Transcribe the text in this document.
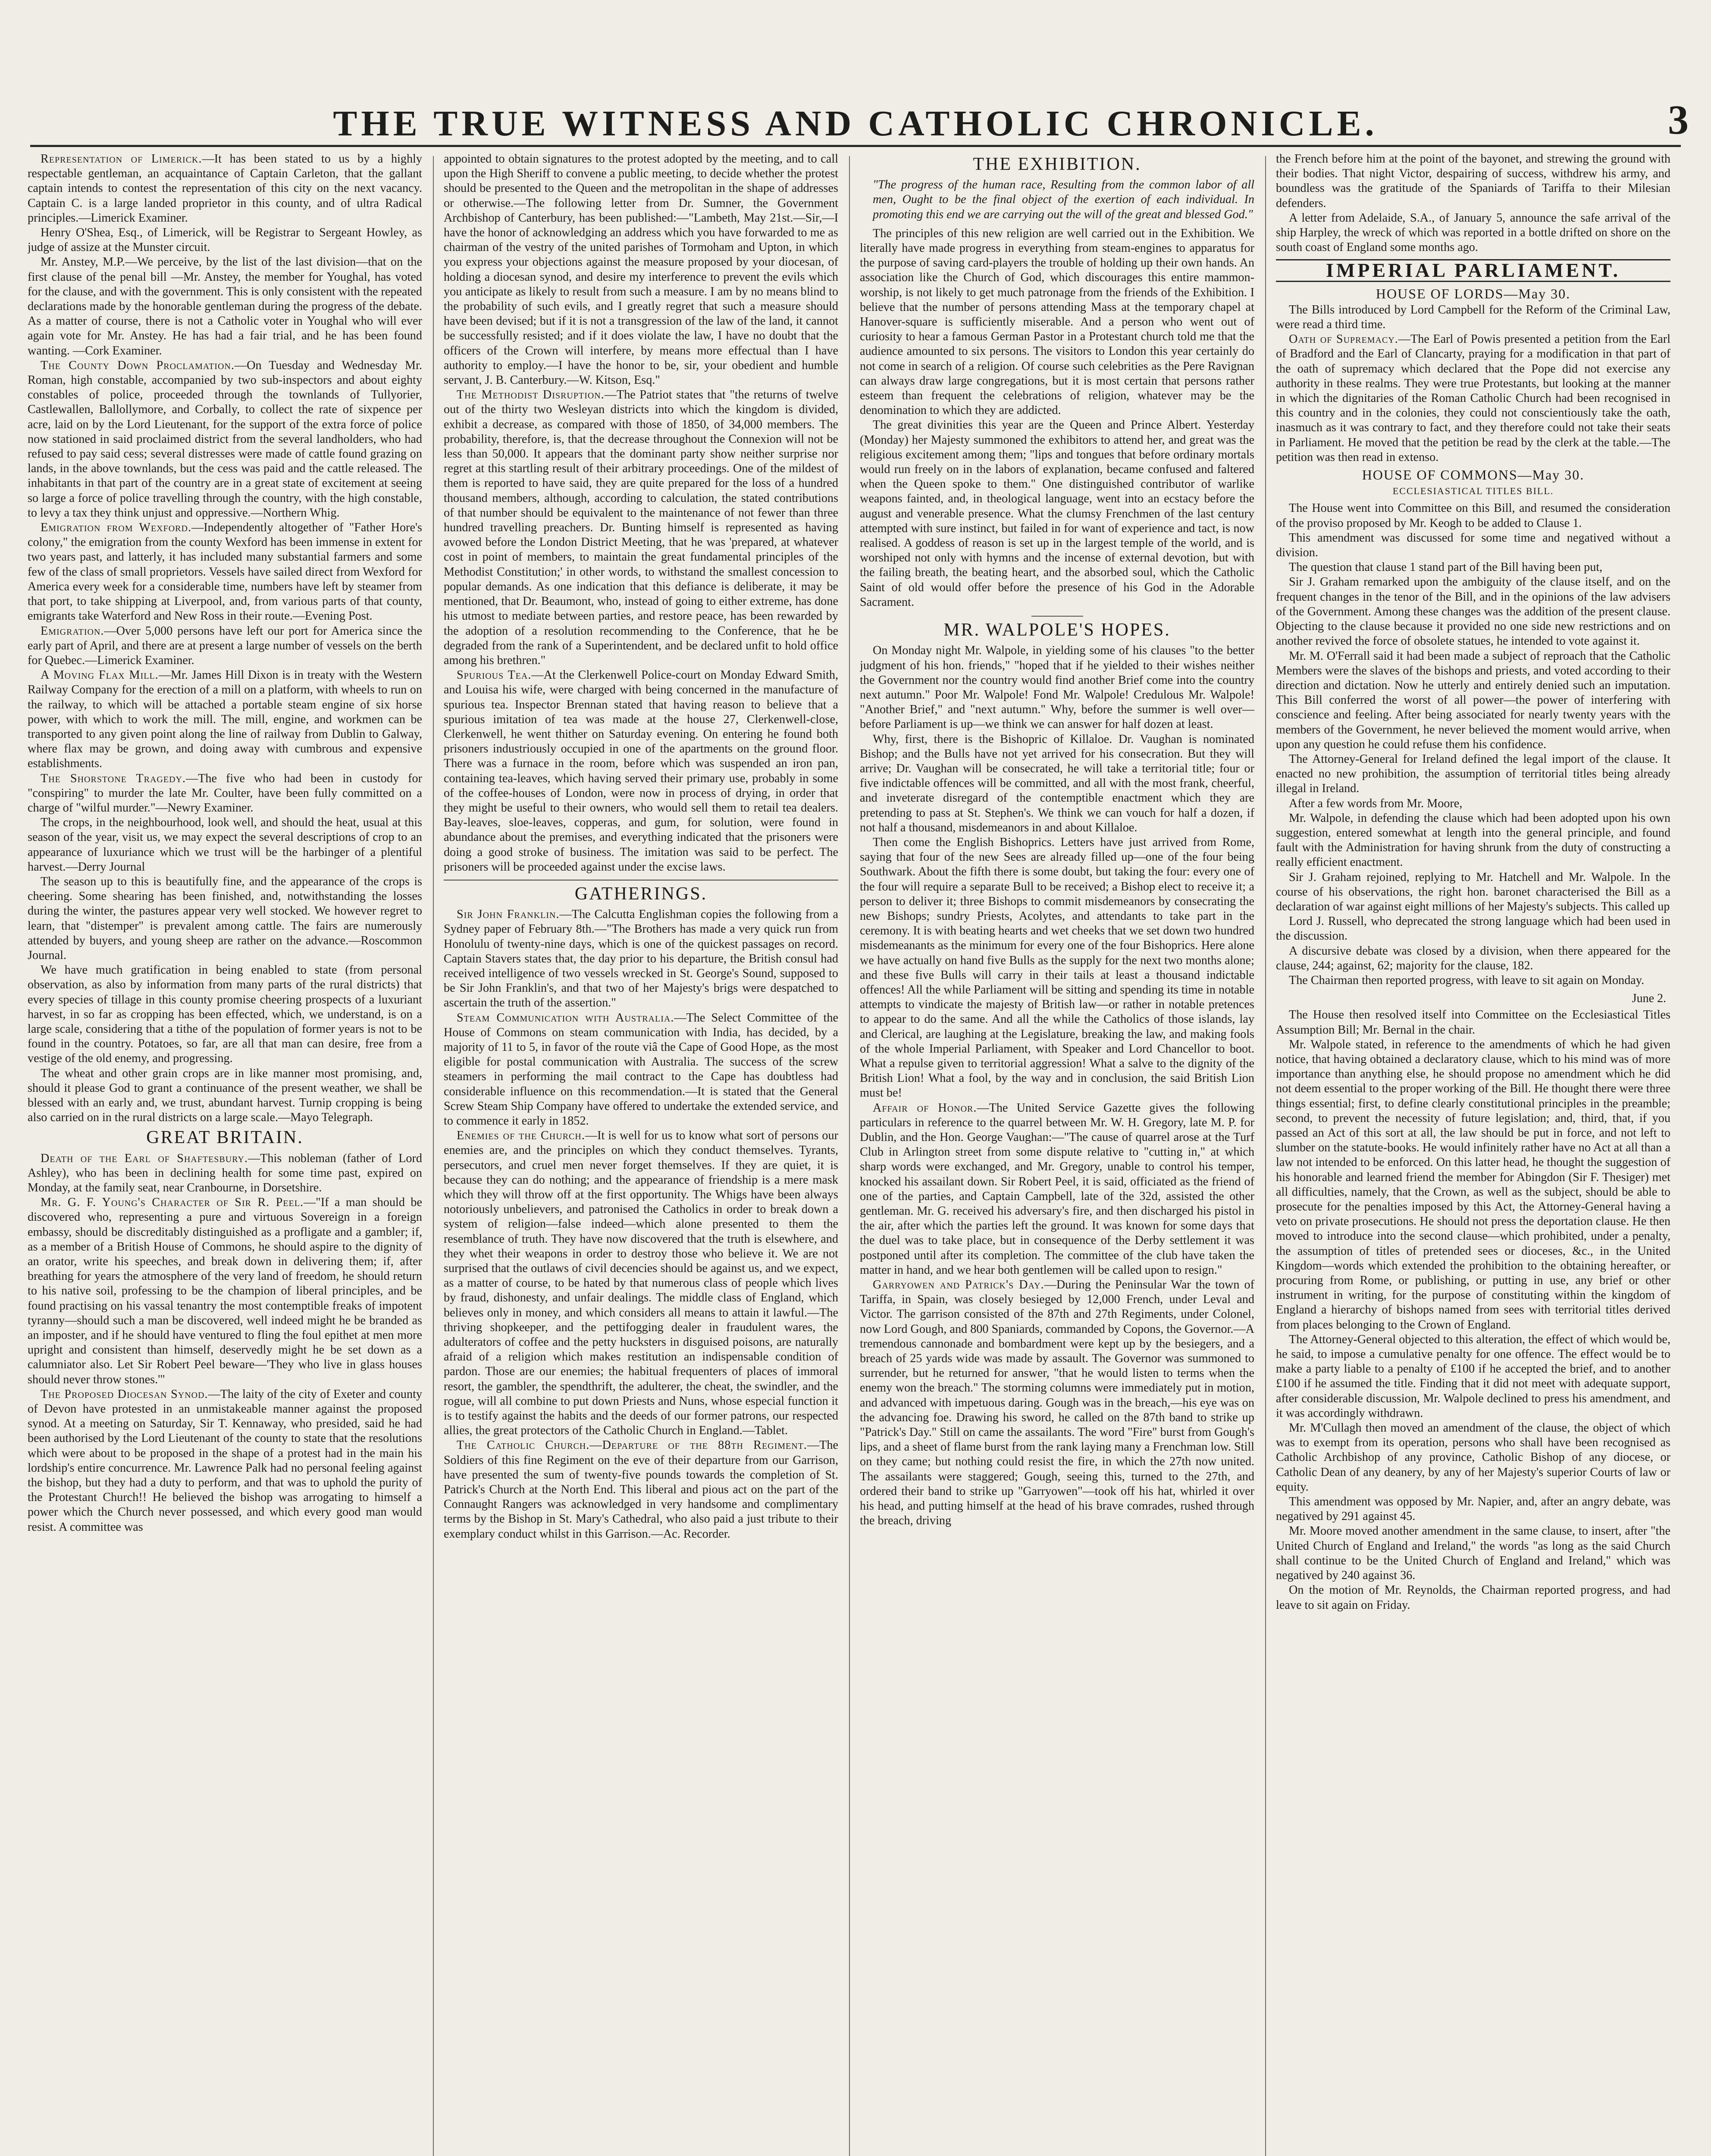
THE TRUE WITNESS AND CATHOLIC CHRONICLE.	3

Representation of Limerick.—It has been stated to us by a highly respectable gentleman, an acquaintance of Captain Carleton, that the gallant captain intends to contest the representation of this city on the next vacancy. Captain C. is a large landed proprietor in this county, and of ultra Radical principles.—Limerick Examiner.

Henry O'Shea, Esq., of Limerick, will be Registrar to Sergeant Howley, as judge of assize at the Munster circuit.

Mr. Anstey, M.P.—We perceive, by the list of the last division—that on the first clause of the penal bill —Mr. Anstey, the member for Youghal, has voted for the clause, and with the government. This is only consistent with the repeated declarations made by the honorable gentleman during the progress of the debate. As a matter of course, there is not a Catholic voter in Youghal who will ever again vote for Mr. Anstey. He has had a fair trial, and he has been found wanting. —Cork Examiner.

The County Down Proclamation.—On Tuesday and Wednesday Mr. Roman, high constable, accompanied by two sub-inspectors and about eighty constables of police, proceeded through the townlands of Tullyorier, Castlewallen, Ballollymore, and Corbally, to collect the rate of sixpence per acre, laid on by the Lord Lieutenant, for the support of the extra force of police now stationed in said proclaimed district from the several landholders, who had refused to pay said cess; several distresses were made of cattle found grazing on lands, in the above townlands, but the cess was paid and the cattle released. The inhabitants in that part of the country are in a great state of excitement at seeing so large a force of police travelling through the country, with the high constable, to levy a tax they think unjust and oppressive.—Northern Whig.

Emigration from Wexford.—Independently altogether of "Father Hore's colony," the emigration from the county Wexford has been immense in extent for two years past, and latterly, it has included many substantial farmers and some few of the class of small proprietors. Vessels have sailed direct from Wexford for America every week for a considerable time, numbers have left by steamer from that port, to take shipping at Liverpool, and, from various parts of that county, emigrants take Waterford and New Ross in their route.—Evening Post.

Emigration.—Over 5,000 persons have left our port for America since the early part of April, and there are at present a large number of vessels on the berth for Quebec.—Limerick Examiner.

A Moving Flax Mill.—Mr. James Hill Dixon is in treaty with the Western Railway Company for the erection of a mill on a platform, with wheels to run on the railway, to which will be attached a portable steam engine of six horse power, with which to work the mill. The mill, engine, and workmen can be transported to any given point along the line of railway from Dublin to Galway, where flax may be grown, and doing away with cumbrous and expensive establishments.

The Shorstone Tragedy.—The five who had been in custody for "conspiring" to murder the late Mr. Coulter, have been fully committed on a charge of "wilful murder."—Newry Examiner.

The crops, in the neighbourhood, look well, and should the heat, usual at this season of the year, visit us, we may expect the several descriptions of crop to an appearance of luxuriance which we trust will be the harbinger of a plentiful harvest.—Derry Journal

The season up to this is beautifully fine, and the appearance of the crops is cheering. Some shearing has been finished, and, notwithstanding the losses during the winter, the pastures appear very well stocked. We however regret to learn, that "distemper" is prevalent among cattle. The fairs are numerously attended by buyers, and young sheep are rather on the advance.—Roscommon Journal.

We have much gratification in being enabled to state (from personal observation, as also by information from many parts of the rural districts) that every species of tillage in this county promise cheering prospects of a luxuriant harvest, in so far as cropping has been effected, which, we understand, is on a large scale, considering that a tithe of the population of former years is not to be found in the country. Potatoes, so far, are all that man can desire, free from a vestige of the old enemy, and progressing.

The wheat and other grain crops are in like manner most promising, and, should it please God to grant a continuance of the present weather, we shall be blessed with an early and, we trust, abundant harvest. Turnip cropping is being also carried on in the rural districts on a large scale.—Mayo Telegraph.

GREAT BRITAIN.

Death of the Earl of Shaftesbury.—This nobleman (father of Lord Ashley), who has been in declining health for some time past, expired on Monday, at the family seat, near Cranbourne, in Dorsetshire.

Mr. G. F. Young's Character of Sir R. Peel.—"If a man should be discovered who, representing a pure and virtuous Sovereign in a foreign embassy, should be discreditably distinguished as a profligate and a gambler; if, as a member of a British House of Commons, he should aspire to the dignity of an orator, write his speeches, and break down in delivering them; if, after breathing for years the atmosphere of the very land of freedom, he should return to his native soil, professing to be the champion of liberal principles, and be found practising on his vassal tenantry the most contemptible freaks of impotent tyranny—should such a man be discovered, well indeed might he be branded as an imposter, and if he should have ventured to fling the foul epithet at men more upright and consistent than himself, deservedly might he be set down as a calumniator also. Let Sir Robert Peel beware—'They who live in glass houses should never throw stones.'"

The Proposed Diocesan Synod.—The laity of the city of Exeter and county of Devon have protested in an unmistakeable manner against the proposed synod. At a meeting on Saturday, Sir T. Kennaway, who presided, said he had been authorised by the Lord Lieutenant of the county to state that the resolutions which were about to be proposed in the shape of a protest had in the main his lordship's entire concurrence. Mr. Lawrence Palk had no personal feeling against the bishop, but they had a duty to perform, and that was to uphold the purity of the Protestant Church!! He believed the bishop was arrogating to himself a power which the Church never possessed, and which every good man would resist. A committee was

appointed to obtain signatures to the protest adopted by the meeting, and to call upon the High Sheriff to convene a public meeting, to decide whether the protest should be presented to the Queen and the metropolitan in the shape of addresses or otherwise.—The following letter from Dr. Sumner, the Government Archbishop of Canterbury, has been published:—"Lambeth, May 21st.—Sir,—I have the honor of acknowledging an address which you have forwarded to me as chairman of the vestry of the united parishes of Tormoham and Upton, in which you express your objections against the measure proposed by your diocesan, of holding a diocesan synod, and desire my interference to prevent the evils which you anticipate as likely to result from such a measure. I am by no means blind to the probability of such evils, and I greatly regret that such a measure should have been devised; but if it is not a transgression of the law of the land, it cannot be successfully resisted; and if it does violate the law, I have no doubt that the officers of the Crown will interfere, by means more effectual than I have authority to employ.—I have the honor to be, sir, your obedient and humble servant, J. B. Canterbury.—W. Kitson, Esq."

The Methodist Disruption.—The Patriot states that "the returns of twelve out of the thirty two Wesleyan districts into which the kingdom is divided, exhibit a decrease, as compared with those of 1850, of 34,000 members. The probability, therefore, is, that the decrease throughout the Connexion will not be less than 50,000. It appears that the dominant party show neither surprise nor regret at this startling result of their arbitrary proceedings. One of the mildest of them is reported to have said, they are quite prepared for the loss of a hundred thousand members, although, according to calculation, the stated contributions of that number should be equivalent to the maintenance of not fewer than three hundred travelling preachers. Dr. Bunting himself is represented as having avowed before the London District Meeting, that he was 'prepared, at whatever cost in point of members, to maintain the great fundamental principles of the Methodist Constitution;' in other words, to withstand the smallest concession to popular demands. As one indication that this defiance is deliberate, it may be mentioned, that Dr. Beaumont, who, instead of going to either extreme, has done his utmost to mediate between parties, and restore peace, has been rewarded by the adoption of a resolution recommending to the Conference, that he be degraded from the rank of a Superintendent, and be declared unfit to hold office among his brethren."

Spurious Tea.—At the Clerkenwell Police-court on Monday Edward Smith, and Louisa his wife, were charged with being concerned in the manufacture of spurious tea. Inspector Brennan stated that having reason to believe that a spurious imitation of tea was made at the house 27, Clerkenwell-close, Clerkenwell, he went thither on Saturday evening. On entering he found both prisoners industriously occupied in one of the apartments on the ground floor. There was a furnace in the room, before which was suspended an iron pan, containing tea-leaves, which having served their primary use, probably in some of the coffee-houses of London, were now in process of drying, in order that they might be useful to their owners, who would sell them to retail tea dealers. Bay-leaves, sloe-leaves, copperas, and gum, for solution, were found in abundance about the premises, and everything indicated that the prisoners were doing a good stroke of business. The imitation was said to be perfect. The prisoners will be proceeded against under the excise laws.

GATHERINGS.

Sir John Franklin.—The Calcutta Englishman copies the following from a Sydney paper of February 8th.—"The Brothers has made a very quick run from Honolulu of twenty-nine days, which is one of the quickest passages on record. Captain Stavers states that, the day prior to his departure, the British consul had received intelligence of two vessels wrecked in St. George's Sound, supposed to be Sir John Franklin's, and that two of her Majesty's brigs were despatched to ascertain the truth of the assertion."

Steam Communication with Australia.—The Select Committee of the House of Commons on steam communication with India, has decided, by a majority of 11 to 5, in favor of the route viâ the Cape of Good Hope, as the most eligible for postal communication with Australia. The success of the screw steamers in performing the mail contract to the Cape has doubtless had considerable influence on this recommendation.—It is stated that the General Screw Steam Ship Company have offered to undertake the extended service, and to commence it early in 1852.

Enemies of the Church.—It is well for us to know what sort of persons our enemies are, and the principles on which they conduct themselves. Tyrants, persecutors, and cruel men never forget themselves. If they are quiet, it is because they can do nothing; and the appearance of friendship is a mere mask which they will throw off at the first opportunity. The Whigs have been always notoriously unbelievers, and patronised the Catholics in order to break down a system of religion—false indeed—which alone presented to them the resemblance of truth. They have now discovered that the truth is elsewhere, and they whet their weapons in order to destroy those who believe it. We are not surprised that the outlaws of civil decencies should be against us, and we expect, as a matter of course, to be hated by that numerous class of people which lives by fraud, dishonesty, and unfair dealings. The middle class of England, which believes only in money, and which considers all means to attain it lawful.—The thriving shopkeeper, and the pettifogging dealer in fraudulent wares, the adulterators of coffee and the petty hucksters in disguised poisons, are naturally afraid of a religion which makes restitution an indispensable condition of pardon. Those are our enemies; the habitual frequenters of places of immoral resort, the gambler, the spendthrift, the adulterer, the cheat, the swindler, and the rogue, will all combine to put down Priests and Nuns, whose especial function it is to testify against the habits and the deeds of our former patrons, our respected allies, the great protectors of the Catholic Church in England.—Tablet.

The Catholic Church.—Departure of the 88th Regiment.—The Soldiers of this fine Regiment on the eve of their departure from our Garrison, have presented the sum of twenty-five pounds towards the completion of St. Patrick's Church at the North End. This liberal and pious act on the part of the Connaught Rangers was acknowledged in very handsome and complimentary terms by the Bishop in St. Mary's Cathedral, who also paid a just tribute to their exemplary conduct whilst in this Garrison.—Ac. Recorder.

THE EXHIBITION.
"The progress of the human race, Resulting from the common labor of all men, Ought to be the final object of the exertion of each individual. In promoting this end we are carrying out the will of the great and blessed God."

The principles of this new religion are well carried out in the Exhibition. We literally have made progress in everything from steam-engines to apparatus for the purpose of saving card-players the trouble of holding up their own hands. An association like the Church of God, which discourages this entire mammon-worship, is not likely to get much patronage from the friends of the Exhibition. I believe that the number of persons attending Mass at the temporary chapel at Hanover-square is sufficiently miserable. And a person who went out of curiosity to hear a famous German Pastor in a Protestant church told me that the audience amounted to six persons. The visitors to London this year certainly do not come in search of a religion. Of course such celebrities as the Pere Ravignan can always draw large congregations, but it is most certain that persons rather esteem than frequent the celebrations of religion, whatever may be the denomination to which they are addicted.

The great divinities this year are the Queen and Prince Albert. Yesterday (Monday) her Majesty summoned the exhibitors to attend her, and great was the religious excitement among them; "lips and tongues that before ordinary mortals would run freely on in the labors of explanation, became confused and faltered when the Queen spoke to them." One distinguished contributor of warlike weapons fainted, and, in theological language, went into an ecstacy before the august and venerable presence. What the clumsy Frenchmen of the last century attempted with sure instinct, but failed in for want of experience and tact, is now realised. A goddess of reason is set up in the largest temple of the world, and is worshiped not only with hymns and the incense of external devotion, but with the failing breath, the beating heart, and the absorbed soul, which the Catholic Saint of old would offer before the presence of his God in the Adorable Sacrament.

MR. WALPOLE'S HOPES.

On Monday night Mr. Walpole, in yielding some of his clauses "to the better judgment of his hon. friends," "hoped that if he yielded to their wishes neither the Government nor the country would find another Brief come into the country next autumn." Poor Mr. Walpole! Fond Mr. Walpole! Credulous Mr. Walpole! "Another Brief," and "next autumn." Why, before the summer is well over—before Parliament is up—we think we can answer for half dozen at least.

Why, first, there is the Bishopric of Killaloe. Dr. Vaughan is nominated Bishop; and the Bulls have not yet arrived for his consecration. But they will arrive; Dr. Vaughan will be consecrated, he will take a territorial title; four or five indictable offences will be committed, and all with the most frank, cheerful, and inveterate disregard of the contemptible enactment which they are pretending to pass at St. Stephen's. We think we can vouch for half a dozen, if not half a thousand, misdemeanors in and about Killaloe.

Then come the English Bishoprics. Letters have just arrived from Rome, saying that four of the new Sees are already filled up—one of the four being Southwark. About the fifth there is some doubt, but taking the four: every one of the four will require a separate Bull to be received; a Bishop elect to receive it; a person to deliver it; three Bishops to commit misdemeanors by consecrating the new Bishops; sundry Priests, Acolytes, and attendants to take part in the ceremony. It is with beating hearts and wet cheeks that we set down two hundred misdemeanants as the minimum for every one of the four Bishoprics. Here alone we have actually on hand five Bulls as the supply for the next two months alone; and these five Bulls will carry in their tails at least a thousand indictable offences! All the while Parliament will be sitting and spending its time in notable attempts to vindicate the majesty of British law—or rather in notable pretences to appear to do the same. And all the while the Catholics of those islands, lay and Clerical, are laughing at the Legislature, breaking the law, and making fools of the whole Imperial Parliament, with Speaker and Lord Chancellor to boot. What a repulse given to territorial aggression! What a salve to the dignity of the British Lion! What a fool, by the way and in conclusion, the said British Lion must be!

Affair of Honor.—The United Service Gazette gives the following particulars in reference to the quarrel between Mr. W. H. Gregory, late M. P. for Dublin, and the Hon. George Vaughan:—"The cause of quarrel arose at the Turf Club in Arlington street from some dispute relative to "cutting in," at which sharp words were exchanged, and Mr. Gregory, unable to control his temper, knocked his assailant down. Sir Robert Peel, it is said, officiated as the friend of one of the parties, and Captain Campbell, late of the 32d, assisted the other gentleman. Mr. G. received his adversary's fire, and then discharged his pistol in the air, after which the parties left the ground. It was known for some days that the duel was to take place, but in consequence of the Derby settlement it was postponed until after its completion. The committee of the club have taken the matter in hand, and we hear both gentlemen will be called upon to resign."

Garryowen and Patrick's Day.—During the Peninsular War the town of Tariffa, in Spain, was closely besieged by 12,000 French, under Leval and Victor. The garrison consisted of the 87th and 27th Regiments, under Colonel, now Lord Gough, and 800 Spaniards, commanded by Copons, the Governor.—A tremendous cannonade and bombardment were kept up by the besiegers, and a breach of 25 yards wide was made by assault. The Governor was summoned to surrender, but he returned for answer, "that he would listen to terms when the enemy won the breach." The storming columns were immediately put in motion, and advanced with impetuous daring. Gough was in the breach,—his eye was on the advancing foe. Drawing his sword, he called on the 87th band to strike up "Patrick's Day." Still on came the assailants. The word "Fire" burst from Gough's lips, and a sheet of flame burst from the rank laying many a Frenchman low. Still on they came; but nothing could resist the fire, in which the 27th now united. The assailants were staggered; Gough, seeing this, turned to the 27th, and ordered their band to strike up "Garryowen"—took off his hat, whirled it over his head, and putting himself at the head of his brave comrades, rushed through the breach, driving

the French before him at the point of the bayonet, and strewing the ground with their bodies. That night Victor, despairing of success, withdrew his army, and boundless was the gratitude of the Spaniards of Tariffa to their Milesian defenders.

A letter from Adelaide, S.A., of January 5, announce the safe arrival of the ship Harpley, the wreck of which was reported in a bottle drifted on shore on the south coast of England some months ago.

IMPERIAL PARLIAMENT.
HOUSE OF LORDS—May 30.

The Bills introduced by Lord Campbell for the Reform of the Criminal Law, were read a third time.

Oath of Supremacy.—The Earl of Powis presented a petition from the Earl of Bradford and the Earl of Clancarty, praying for a modification in that part of the oath of supremacy which declared that the Pope did not exercise any authority in these realms. They were true Protestants, but looking at the manner in which the dignitaries of the Roman Catholic Church had been recognised in this country and in the colonies, they could not conscientiously take the oath, inasmuch as it was contrary to fact, and they therefore could not take their seats in Parliament. He moved that the petition be read by the clerk at the table.—The petition was then read in extenso.

HOUSE OF COMMONS—May 30.
ECCLESIASTICAL TITLES BILL.

The House went into Committee on this Bill, and resumed the consideration of the proviso proposed by Mr. Keogh to be added to Clause 1.

This amendment was discussed for some time and negatived without a division.

The question that clause 1 stand part of the Bill having been put,

Sir J. Graham remarked upon the ambiguity of the clause itself, and on the frequent changes in the tenor of the Bill, and in the opinions of the law advisers of the Government. Among these changes was the addition of the present clause. Objecting to the clause because it provided no one side new restrictions and on another revived the force of obsolete statues, he intended to vote against it.

Mr. M. O'Ferrall said it had been made a subject of reproach that the Catholic Members were the slaves of the bishops and priests, and voted according to their direction and dictation. Now he utterly and entirely denied such an imputation. This Bill conferred the worst of all power—the power of interfering with conscience and feeling. After being associated for nearly twenty years with the members of the Government, he never believed the moment would arrive, when upon any question he could refuse them his confidence.

The Attorney-General for Ireland defined the legal import of the clause. It enacted no new prohibition, the assumption of territorial titles being already illegal in Ireland.

After a few words from Mr. Moore,

Mr. Walpole, in defending the clause which had been adopted upon his own suggestion, entered somewhat at length into the general principle, and found fault with the Administration for having shrunk from the duty of constructing a really efficient enactment.

Sir J. Graham rejoined, replying to Mr. Hatchell and Mr. Walpole. In the course of his observations, the right hon. baronet characterised the Bill as a declaration of war against eight millions of her Majesty's subjects. This called up

Lord J. Russell, who deprecated the strong language which had been used in the discussion.

A discursive debate was closed by a division, when there appeared for the clause, 244; against, 62; majority for the clause, 182.

The Chairman then reported progress, with leave to sit again on Monday.

June 2.

The House then resolved itself into Committee on the Ecclesiastical Titles Assumption Bill; Mr. Bernal in the chair.

Mr. Walpole stated, in reference to the amendments of which he had given notice, that having obtained a declaratory clause, which to his mind was of more importance than anything else, he should propose no amendment which he did not deem essential to the proper working of the Bill. He thought there were three things essential; first, to define clearly constitutional principles in the preamble; second, to prevent the necessity of future legislation; and, third, that, if you passed an Act of this sort at all, the law should be put in force, and not left to slumber on the statute-books. He would infinitely rather have no Act at all than a law not intended to be enforced. On this latter head, he thought the suggestion of his honorable and learned friend the member for Abingdon (Sir F. Thesiger) met all difficulties, namely, that the Crown, as well as the subject, should be able to prosecute for the penalties imposed by this Act, the Attorney-General having a veto on private prosecutions. He should not press the deportation clause. He then moved to introduce into the second clause—which prohibited, under a penalty, the assumption of titles of pretended sees or dioceses, &c., in the United Kingdom—words which extended the prohibition to the obtaining hereafter, or procuring from Rome, or publishing, or putting in use, any brief or other instrument in writing, for the purpose of constituting within the kingdom of England a hierarchy of bishops named from sees with territorial titles derived from places belonging to the Crown of England.

The Attorney-General objected to this alteration, the effect of which would be, he said, to impose a cumulative penalty for one offence. The effect would be to make a party liable to a penalty of £100 if he accepted the brief, and to another £100 if he assumed the title. Finding that it did not meet with adequate support, after considerable discussion, Mr. Walpole declined to press his amendment, and it was accordingly withdrawn.

Mr. M'Cullagh then moved an amendment of the clause, the object of which was to exempt from its operation, persons who shall have been recognised as Catholic Archbishop of any province, Catholic Bishop of any diocese, or Catholic Dean of any deanery, by any of her Majesty's superior Courts of law or equity.

This amendment was opposed by Mr. Napier, and, after an angry debate, was negatived by 291 against 45.

Mr. Moore moved another amendment in the same clause, to insert, after "the United Church of England and Ireland," the words "as long as the said Church shall continue to be the United Church of England and Ireland," which was negatived by 240 against 36.

On the motion of Mr. Reynolds, the Chairman reported progress, and had leave to sit again on Friday.
